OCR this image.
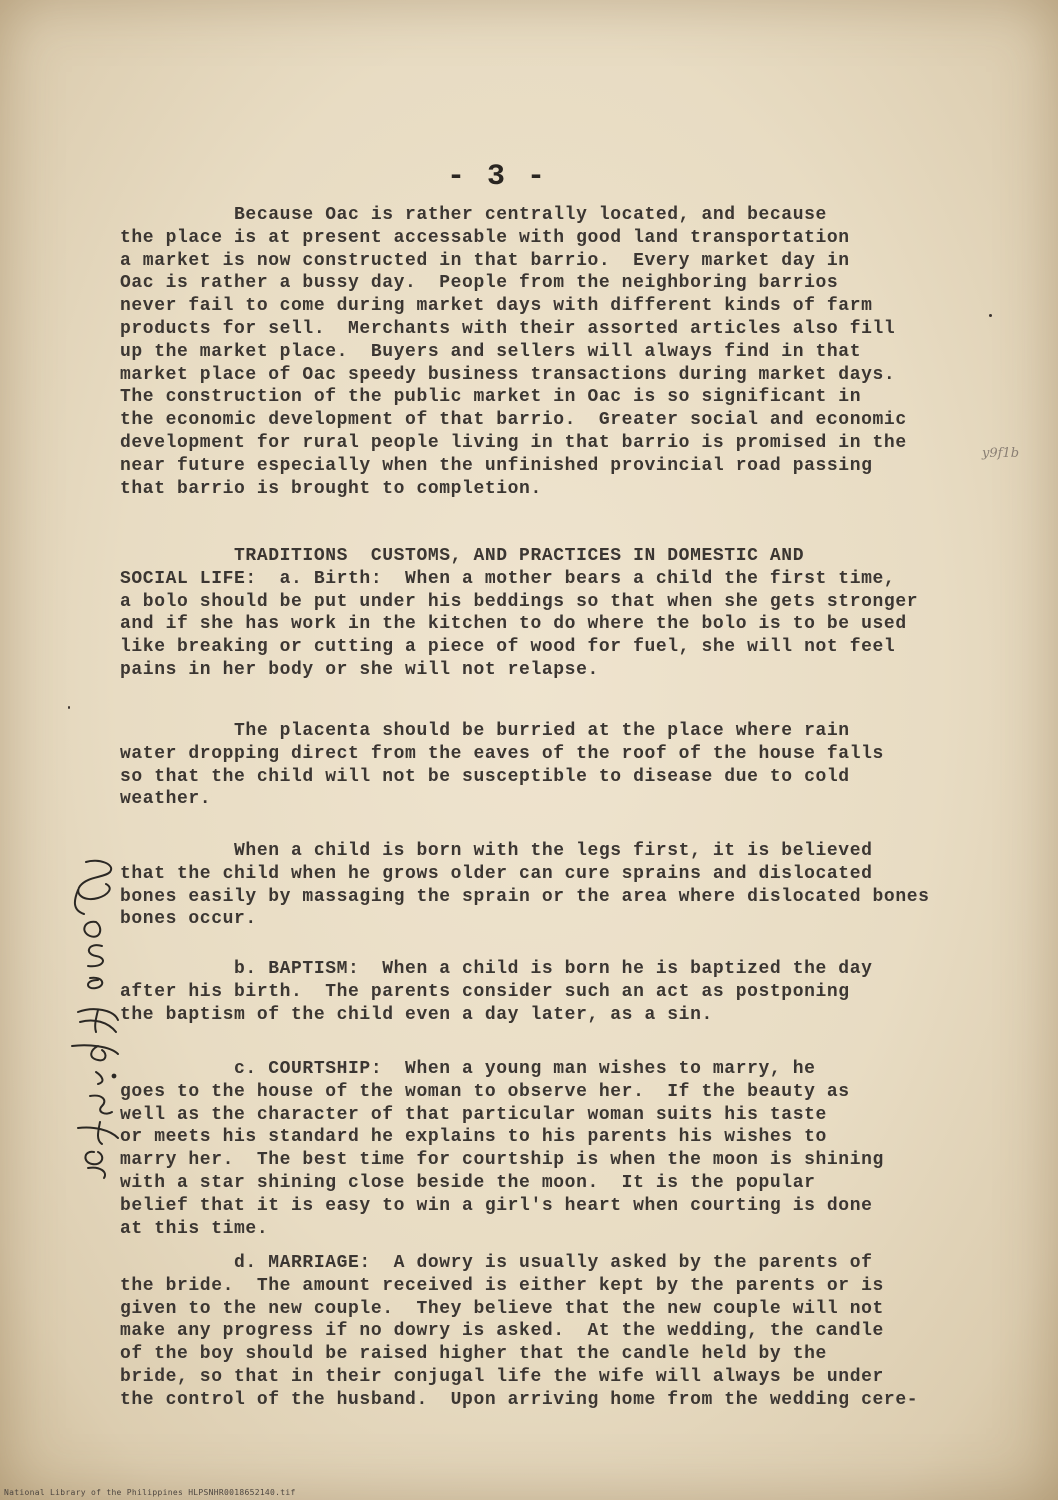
- 3 -
Because Oac is rather centrally located, and because
the place is at present accessable with good land transportation
a market is now constructed in that barrio.  Every market day in
Oac is rather a bussy day.  People from the neighboring barrios
never fail to come during market days with different kinds of farm
products for sell.  Merchants with their assorted articles also fill
up the market place.  Buyers and sellers will always find in that
market place of Oac speedy business transactions during market days.
The construction of the public market in Oac is so significant in
the economic development of that barrio.  Greater social and economic
development for rural people living in that barrio is promised in the
near future especially when the unfinished provincial road passing
that barrio is brought to completion.
TRADITIONS  CUSTOMS, AND PRACTICES IN DOMESTIC AND
SOCIAL LIFE:  a. Birth:  When a mother bears a child the first time,
a bolo should be put under his beddings so that when she gets stronger
and if she has work in the kitchen to do where the bolo is to be used
like breaking or cutting a piece of wood for fuel, she will not feel
pains in her body or she will not relapse.
The placenta should be burried at the place where rain
water dropping direct from the eaves of the roof of the house falls
so that the child will not be susceptible to disease due to cold
weather.
When a child is born with the legs first, it is believed
that the child when he grows older can cure sprains and dislocated
bones easily by massaging the sprain or the area where dislocated bones
bones occur.
b. BAPTISM:  When a child is born he is baptized the day
after his birth.  The parents consider such an act as postponing
the baptism of the child even a day later, as a sin.
c. COURTSHIP:  When a young man wishes to marry, he
goes to the house of the woman to observe her.  If the beauty as
well as the character of that particular woman suits his taste
or meets his standard he explains to his parents his wishes to
marry her.  The best time for courtship is when the moon is shining
with a star shining close beside the moon.  It is the popular
belief that it is easy to win a girl's heart when courting is done
at this time.
d. MARRIAGE:  A dowry is usually asked by the parents of
the bride.  The amount received is either kept by the parents or is
given to the new couple.  They believe that the new couple will not
make any progress if no dowry is asked.  At the wedding, the candle
of the boy should be raised higher that the candle held by the
bride, so that in their conjugal life the wife will always be under
the control of the husband.  Upon arriving home from the wedding cere-
y9f1b
National Library of the Philippines HLPSNHR0018652140.tif
